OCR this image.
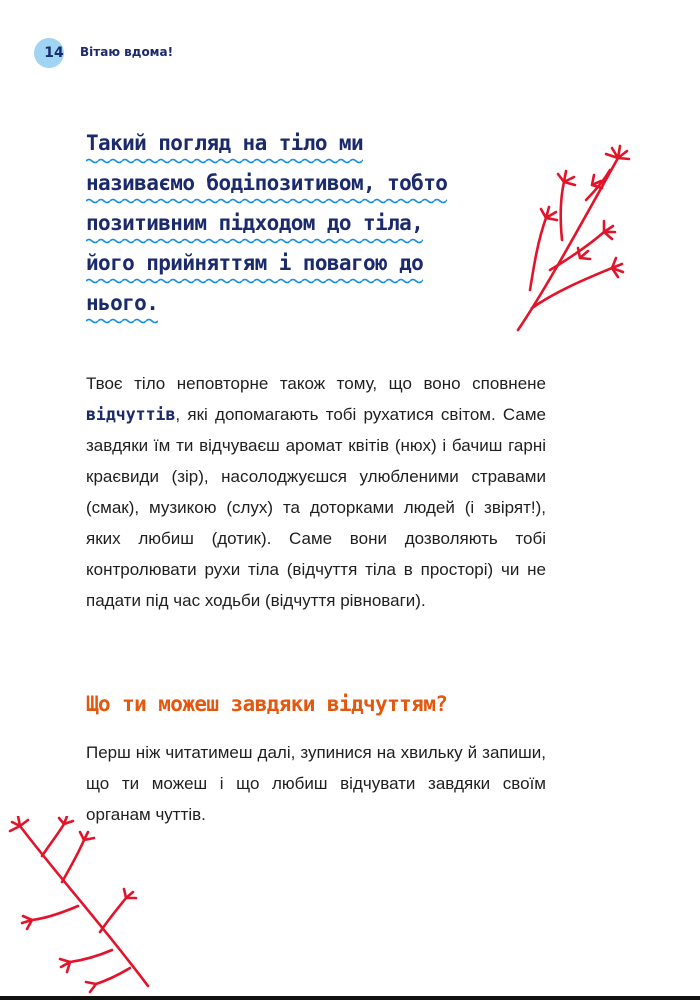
14 Вітаю вдома!
Такий погляд на тіло ми
називаємо бодіпозитивом, тобто
позитивним підходом до тіла,
його прийняттям і повагою до
нього.

Твоє тіло неповторне також тому, що воно сповнене відчуттів, які допомагають тобі рухатися світом. Саме завдяки їм ти відчуваєш аромат квітів (нюх) і бачиш гарні краєвиди (зір), насолоджуєшся улюбленими стравами (смак), музикою (слух) та доторками людей (і звірят!), яких любиш (дотик). Саме вони дозволяють тобі контролювати рухи тіла (відчуття тіла в просторі) чи не падати під час ходьби (відчуття рівноваги).

Що ти можеш завдяки відчуттям?

Перш ніж читатимеш далі, зупинися на хвильку й запиши, що ти можеш і що любиш відчувати завдяки своїм органам чуттів.
